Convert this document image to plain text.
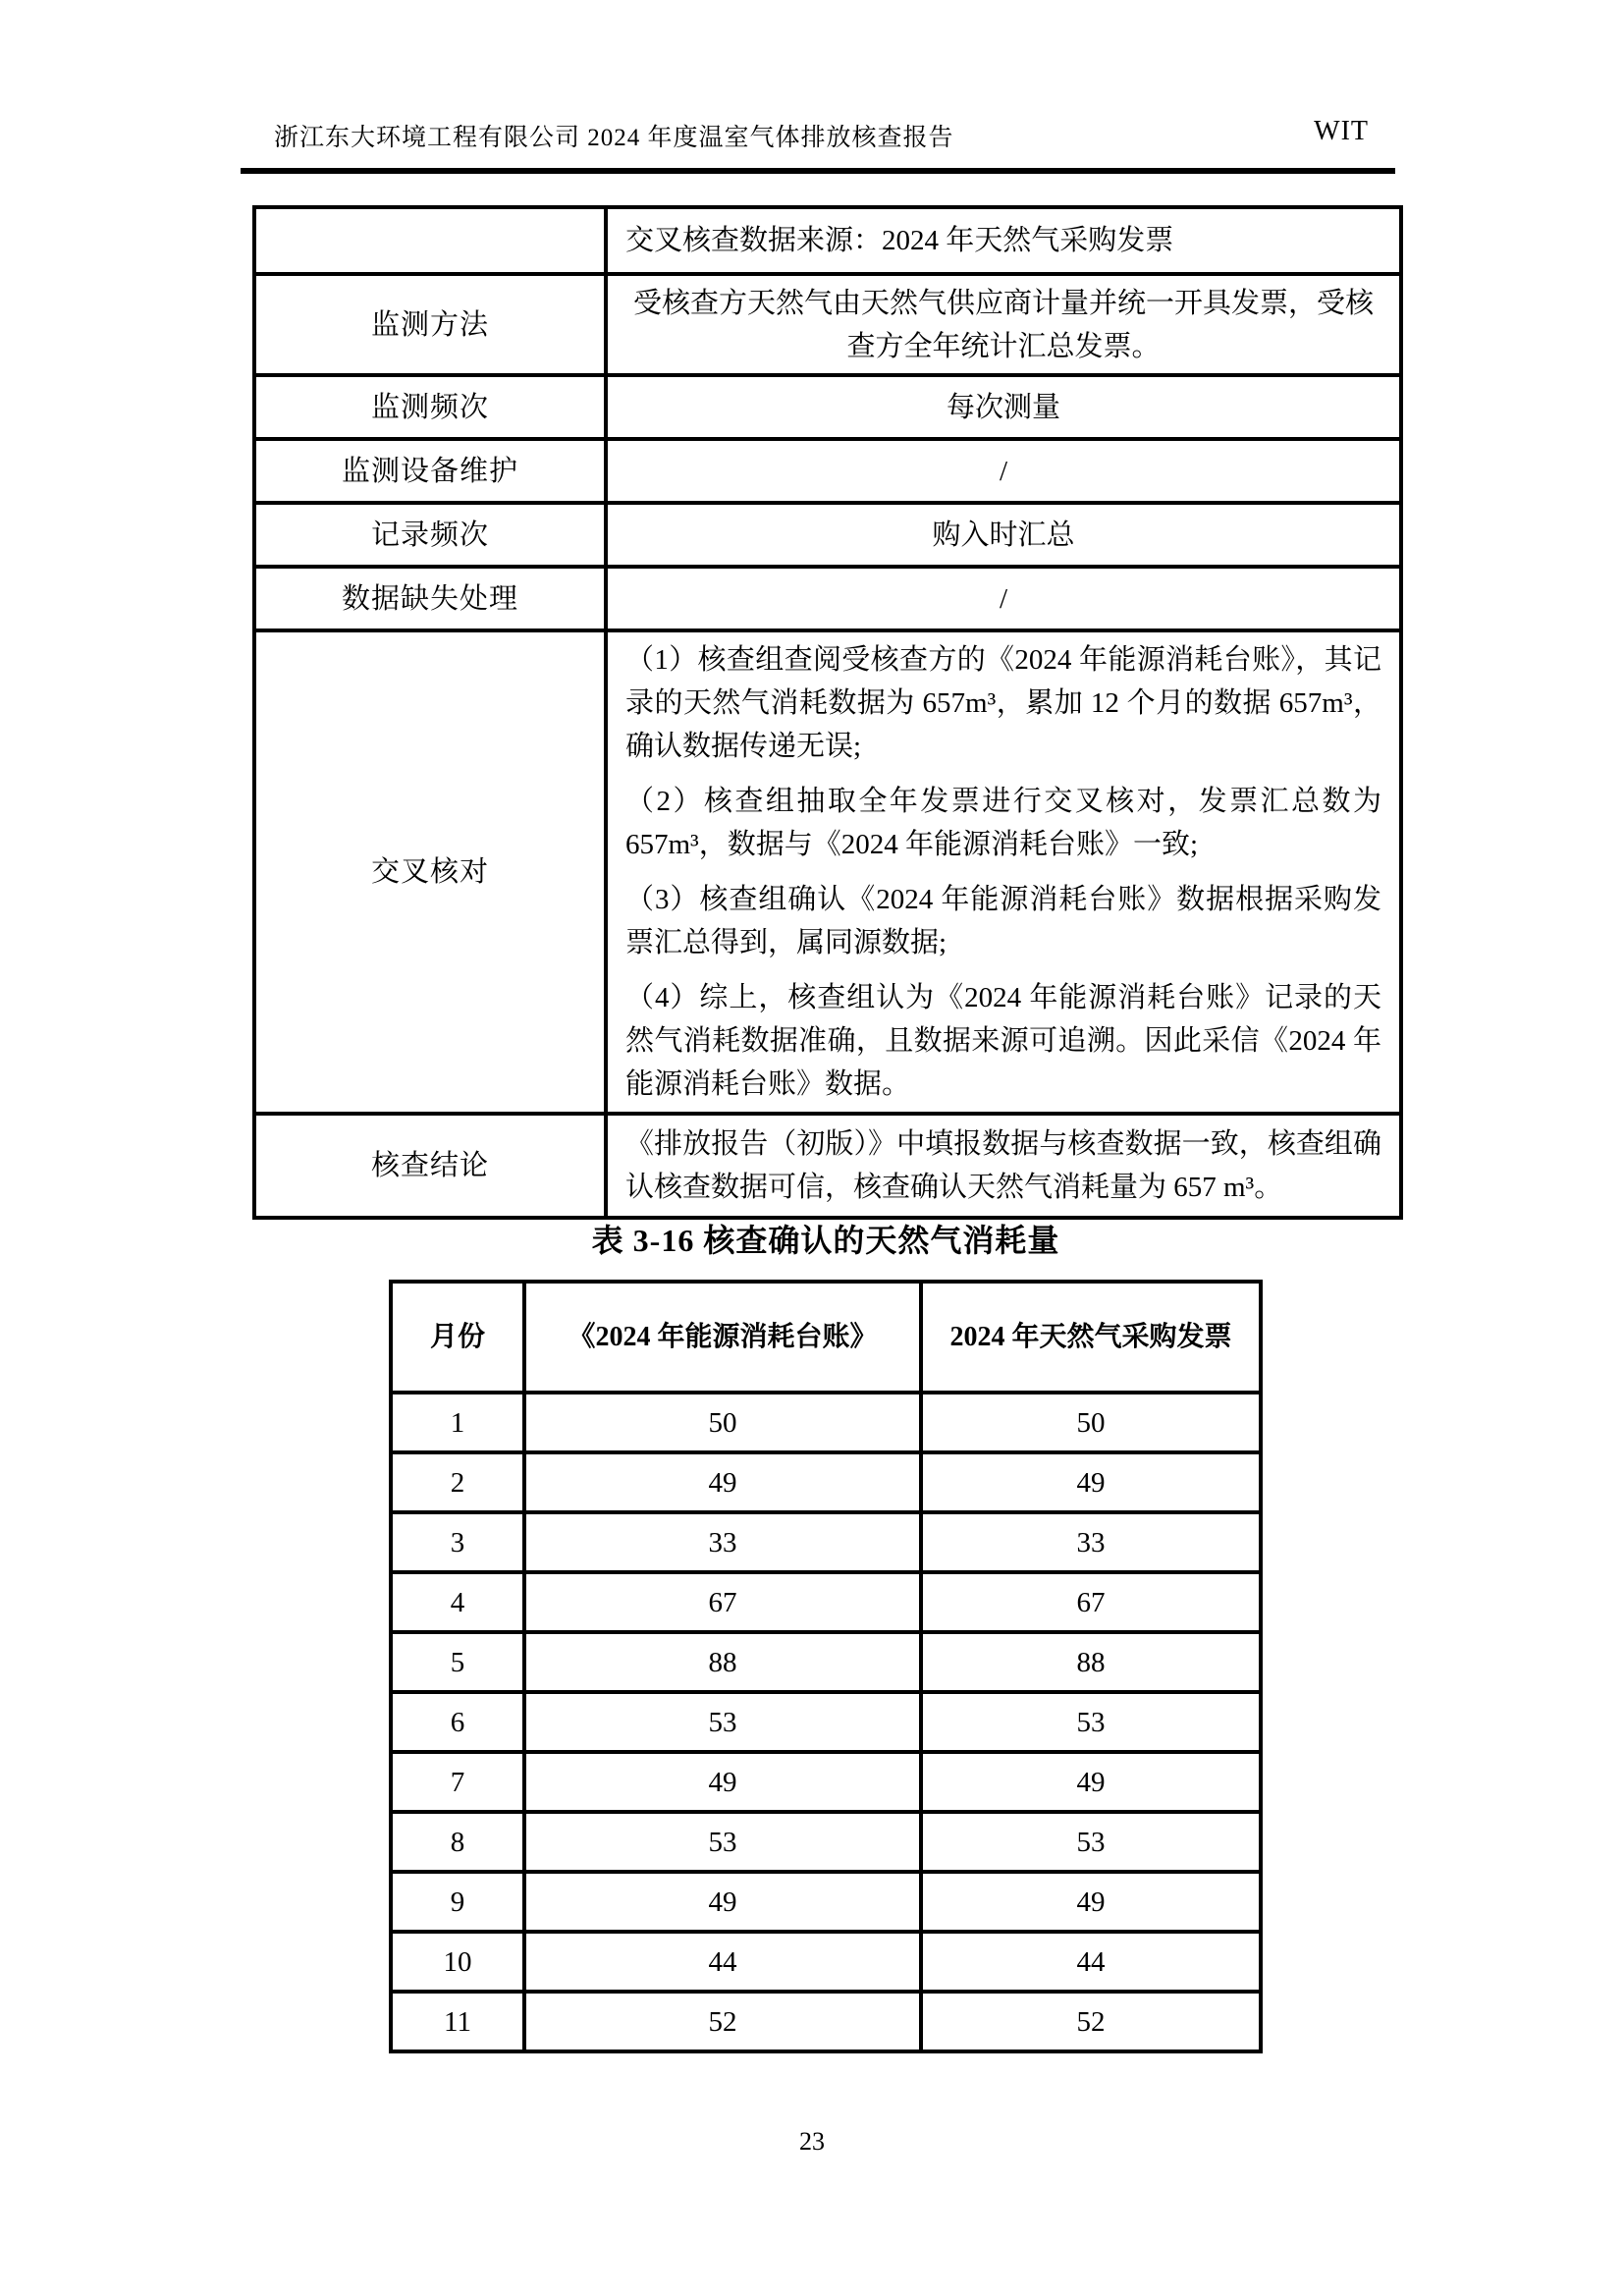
浙江东大环境工程有限公司 2024 年度温室气体排放核查报告	WIT
	交叉核查数据来源：2024 年天然气采购发票
监测方法	受核查方天然气由天然气供应商计量并统一开具发票，受核查方全年统计汇总发票。
监测频次	每次测量
监测设备维护	/
记录频次	购入时汇总
数据缺失处理	/
交叉核对	（1）核查组查阅受核查方的《2024 年能源消耗台账》，其记录的天然气消耗数据为 657m³，累加 12 个月的数据 657m³，确认数据传递无误;

（2）核查组抽取全年发票进行交叉核对，发票汇总数为 657m³，数据与《2024 年能源消耗台账》一致;

（3）核查组确认《2024 年能源消耗台账》数据根据采购发票汇总得到，属同源数据;

（4）综上，核查组认为《2024 年能源消耗台账》记录的天然气消耗数据准确，且数据来源可追溯。因此采信《2024 年能源消耗台账》数据。

核查结论	《排放报告（初版）》中填报数据与核查数据一致，核查组确认核查数据可信，核查确认天然气消耗量为 657 m³。
表 3-16 核查确认的天然气消耗量
月份	《2024 年能源消耗台账》	2024 年天然气采购发票
1	50	50
2	49	49
3	33	33
4	67	67
5	88	88
6	53	53
7	49	49
8	53	53
9	49	49
10	44	44
11	52	52
23
